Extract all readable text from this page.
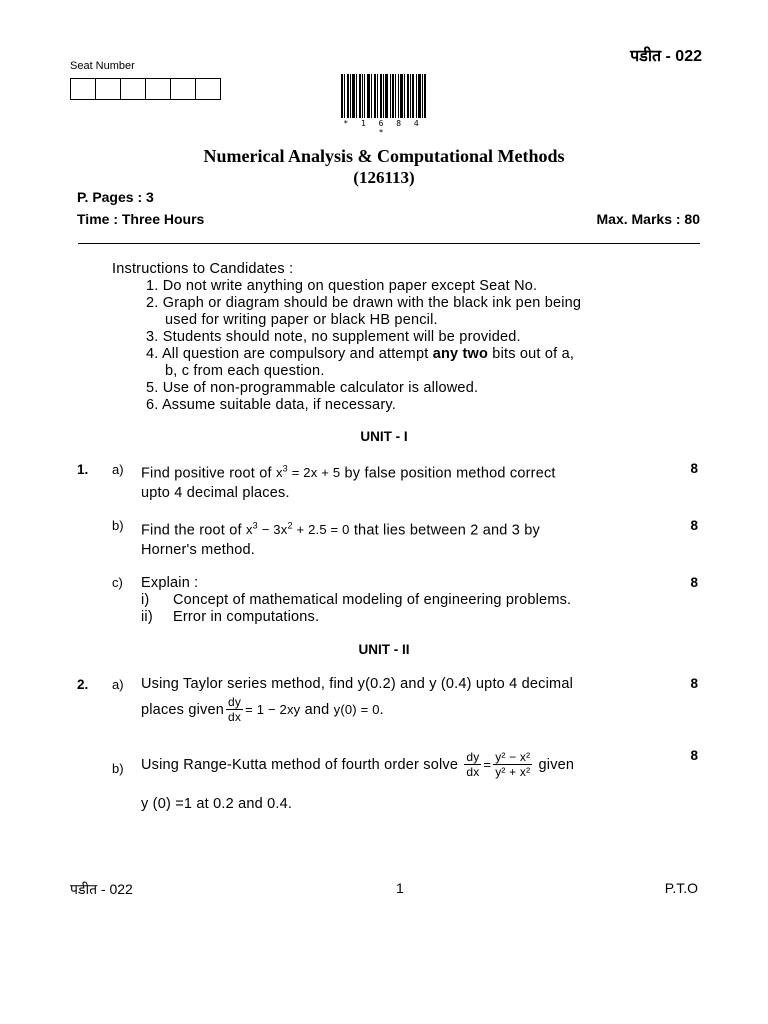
पडीत - 022
Seat Number
* 1 6 8 4 *
Numerical Analysis & Computational Methods
(126113)
P. Pages : 3
Time : Three Hours	Max. Marks : 80
Instructions to Candidates :
1. Do not write anything on question paper except Seat No.
2. Graph or diagram should be drawn with the black ink pen being
used for writing paper or black HB pencil.
3. Students should note, no supplement will be provided.
4. All question are compulsory and attempt any two bits out of a,
b, c from each question.
5. Use of non-programmable calculator is allowed.
6. Assume suitable data, if necessary.
UNIT - I
1. a) Find positive root of $x^3 = 2x + 5$ by false position method correct
upto 4 decimal places.
8
b) Find the root of $x^3 - 3x^2 + 2.5 = 0$ that lies between 2 and 3 by
Horner's method.
8
c) Explain :
i) Concept of mathematical modeling of engineering problems.
ii) Error in computations.
8
UNIT - II
2. a) Using Taylor series method, find y(0.2) and y (0.4) upto 4 decimal
places given $\frac{dy}{dx} = 1 - 2xy$ and y(0) = 0 .
8
b) Using Range-Kutta method of fourth order solve $\frac{dy}{dx} = \frac{\text{y² − x²}}{\text{y² + x²}}$ given
y (0) =1 at 0.2 and 0.4.
8
पडीत - 022	1	P.T.O
